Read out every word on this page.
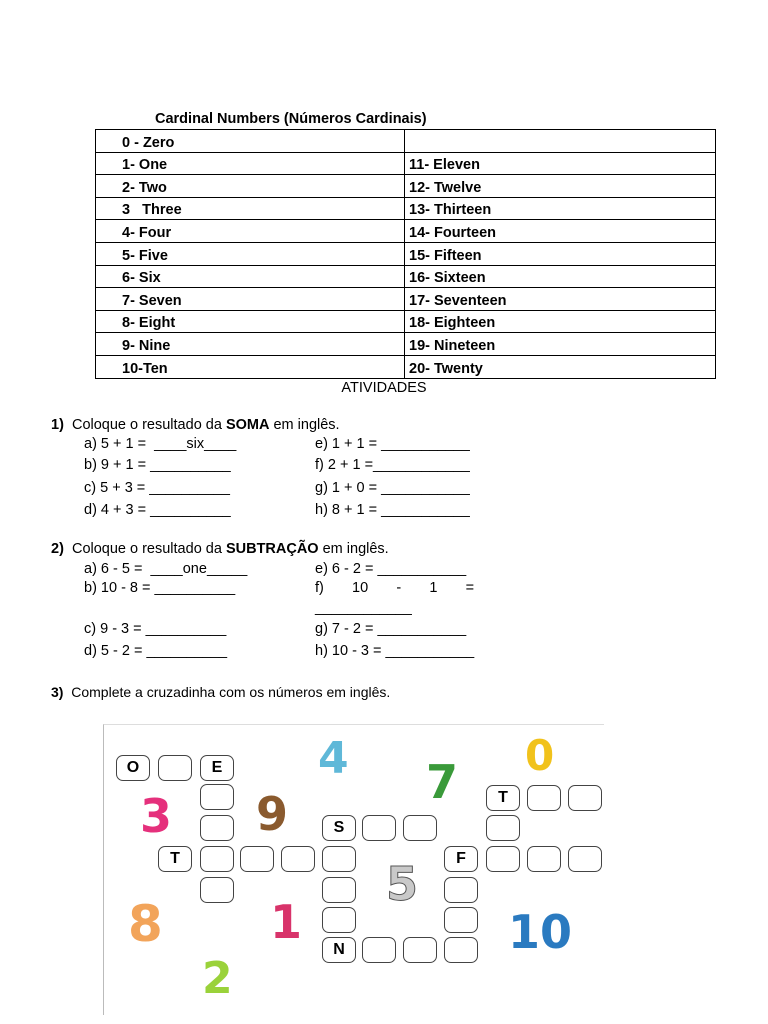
Cardinal Numbers (Números Cardinais)
0 - Zero	
1- One	11- Eleven
2- Two	12- Twelve
3   Three	13- Thirteen
4- Four	14- Fourteen
5- Five	15- Fifteen
6- Six	16- Sixteen
7- Seven	17- Seventeen
8- Eight	18- Eighteen
9- Nine	19- Nineteen
10-Ten	20- Twenty
ATIVIDADES
1) Coloque o resultado da SOMA em inglês.
a) 5 + 1 =  ____six____
b) 9 + 1 = __________
c) 5 + 3 = __________
d) 4 + 3 = __________
e) 1 + 1 = ___________
f) 2 + 1 =____________
g) 1 + 0 = ___________
h) 8 + 1 = ___________
2) Coloque o resultado da SUBTRAÇÃO em inglês.
a) 6 - 5 =  ____one_____
b) 10 - 8 = __________
c) 9 - 3 = __________
d) 5 - 2 = __________
e) 6 - 2 = ___________
f)       10       -       1       =
____________
g) 7 - 2 = ___________
h) 10 - 3 = ___________
3) Complete a cruzadinha com os números em inglês.
O	E
T
S
N
T
F
4 7 0
3 9
5
8 1	10
2
